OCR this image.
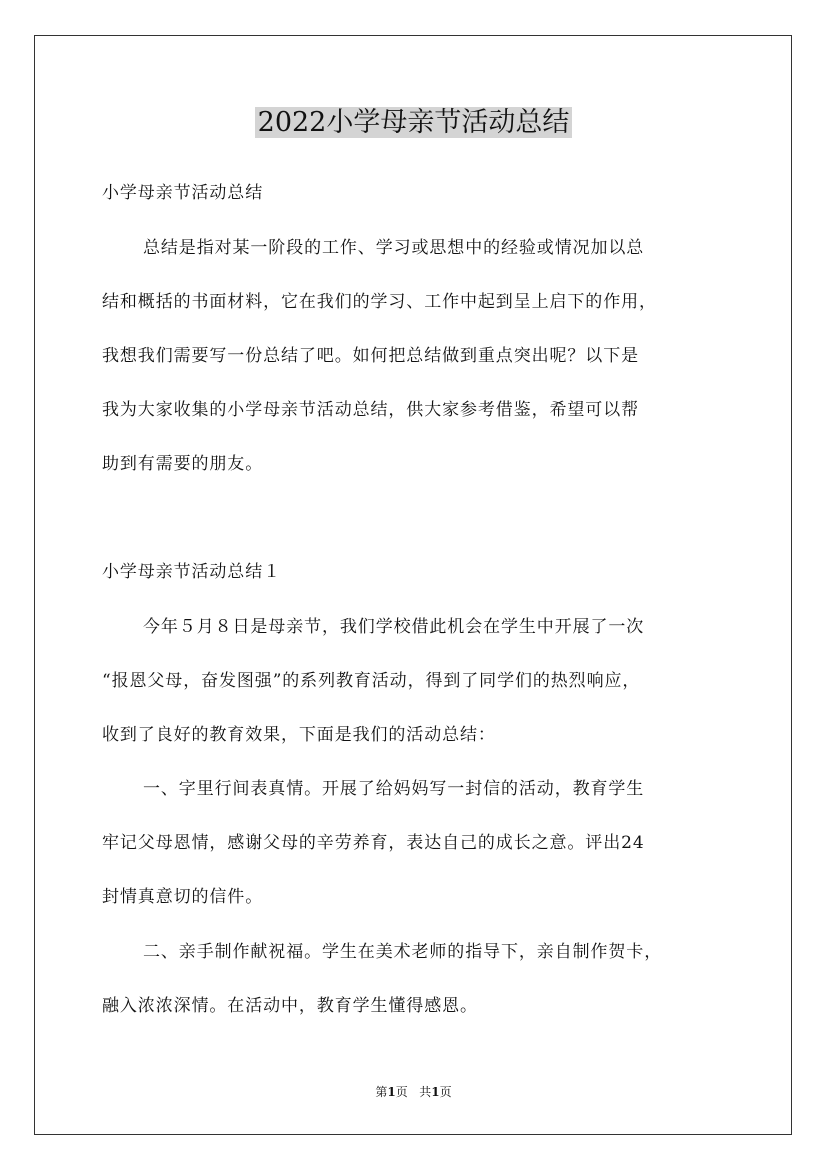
2022小学母亲节活动总结

小学母亲节活动总结

总结是指对某一阶段的工作、学习或思想中的经验或情况加以总

结和概括的书面材料，它在我们的学习、工作中起到呈上启下的作用，

我想我们需要写一份总结了吧。如何把总结做到重点突出呢？以下是

我为大家收集的小学母亲节活动总结，供大家参考借鉴，希望可以帮

助到有需要的朋友。

小学母亲节活动总结１

今年５月８日是母亲节，我们学校借此机会在学生中开展了一次

“报恩父母，奋发图强”的系列教育活动，得到了同学们的热烈响应，

收到了良好的教育效果，下面是我们的活动总结：

一、字里行间表真情。开展了给妈妈写一封信的活动，教育学生

牢记父母恩情，感谢父母的辛劳养育，表达自己的成长之意。评出24

封情真意切的信件。

二、亲手制作献祝福。学生在美术老师的指导下，亲自制作贺卡，

融入浓浓深情。在活动中，教育学生懂得感恩。

第1页 共1页
